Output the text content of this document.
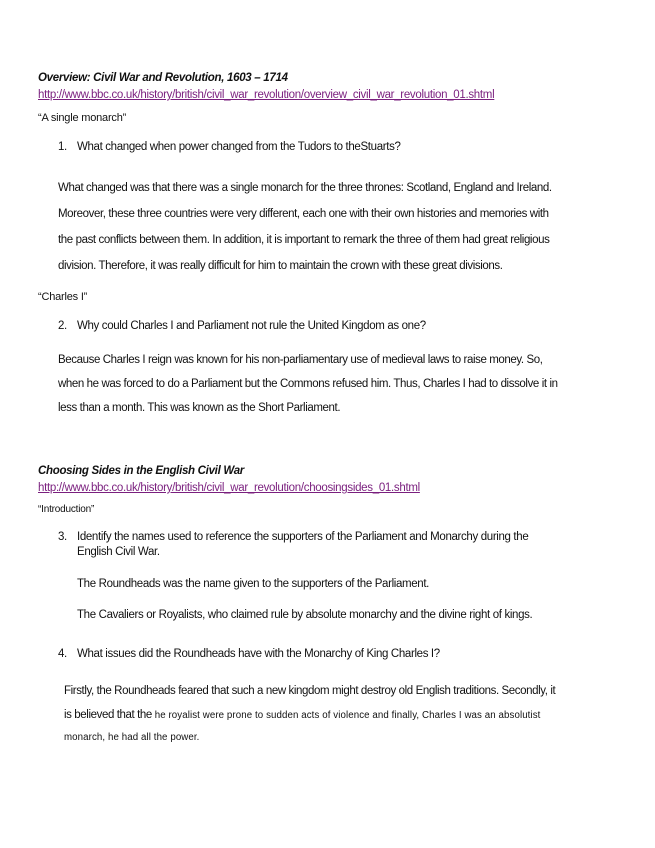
Overview: Civil War and Revolution, 1603 – 1714
http://www.bbc.co.uk/history/british/civil_war_revolution/overview_civil_war_revolution_01.shtml
“A single monarch”
1. What changed when power changed from the Tudors to theStuarts?
What changed was that there was a single monarch for the three thrones: Scotland, England and Ireland.
Moreover, these three countries were very different, each one with their own histories and memories with
the past conflicts between them. In addition, it is important to remark the three of them had great religious
division. Therefore, it was really difficult for him to maintain the crown with these great divisions.
“Charles I”
2. Why could Charles I and Parliament not rule the United Kingdom as one?
Because Charles I reign was known for his non-parliamentary use of medieval laws to raise money. So,
when he was forced to do a Parliament but the Commons refused him. Thus, Charles I had to dissolve it in
less than a month. This was known as the Short Parliament.
Choosing Sides in the English Civil War
http://www.bbc.co.uk/history/british/civil_war_revolution/choosingsides_01.shtml
“Introduction”
3. Identify the names used to reference the supporters of the Parliament and Monarchy during the
English Civil War.
The Roundheads was the name given to the supporters of the Parliament.
The Cavaliers or Royalists, who claimed rule by absolute monarchy and the divine right of kings.
4. What issues did the Roundheads have with the Monarchy of King Charles I?
Firstly, the Roundheads feared that such a new kingdom might destroy old English traditions. Secondly, it
is believed that the he royalist were prone to sudden acts of violence and finally, Charles I was an absolutist
monarch, he had all the power.
